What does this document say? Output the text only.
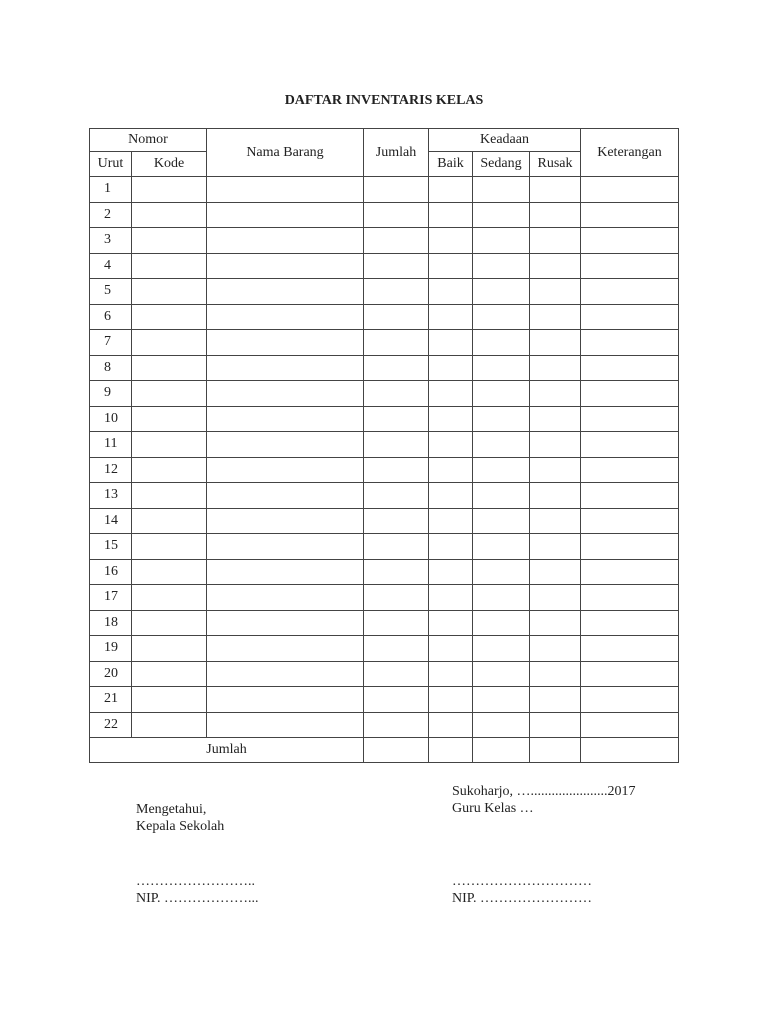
DAFTAR INVENTARIS KELAS
Nomor		Nama Barang	Jumlah	Keadaan			Keterangan
Urut	Kode			Baik	Sedang	Rusak	
1							
2							
3							
4							
5							
6							
7							
8							
9							
10							
11							
12							
13							
14							
15							
16							
17							
18							
19							
20							
21							
22							
Jumlah							
Mengetahui,
Kepala Sekolah
……………………..
NIP. ………………...
Sukoharjo, …......................2017
Guru Kelas …
…………………………
NIP. ……………………
